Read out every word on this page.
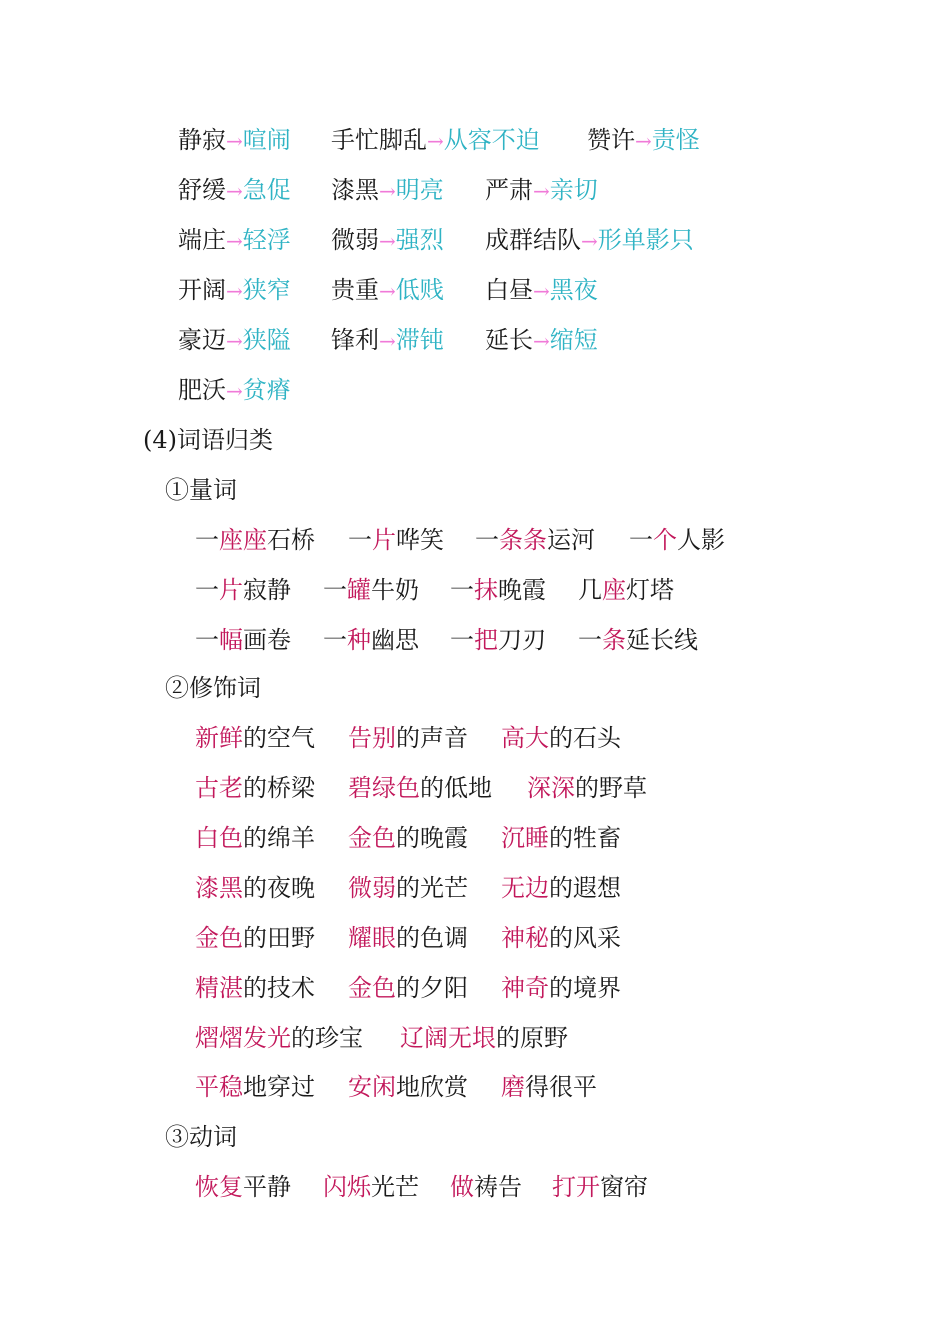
静寂→喧闹 手忙脚乱→从容不迫 赞许→责怪
舒缓→急促 漆黑→明亮 严肃→亲切
端庄→轻浮 微弱→强烈 成群结队→形单影只
开阔→狭窄 贵重→低贱 白昼→黑夜
豪迈→狭隘 锋利→滞钝 延长→缩短
肥沃→贫瘠
(4)词语归类
①量词
一座座石桥 一片哗笑 一条条运河 一个人影
一片寂静 一罐牛奶 一抹晚霞 几座灯塔
一幅画卷 一种幽思 一把刀刃 一条延长线
②修饰词
新鲜的空气 告别的声音 高大的石头
古老的桥梁 碧绿色的低地 深深的野草
白色的绵羊 金色的晚霞 沉睡的牲畜
漆黑的夜晚 微弱的光芒 无边的遐想
金色的田野 耀眼的色调 神秘的风采
精湛的技术 金色的夕阳 神奇的境界
熠熠发光的珍宝 辽阔无垠的原野
平稳地穿过 安闲地欣赏 磨得很平
③动词
恢复平静 闪烁光芒 做祷告 打开窗帘
